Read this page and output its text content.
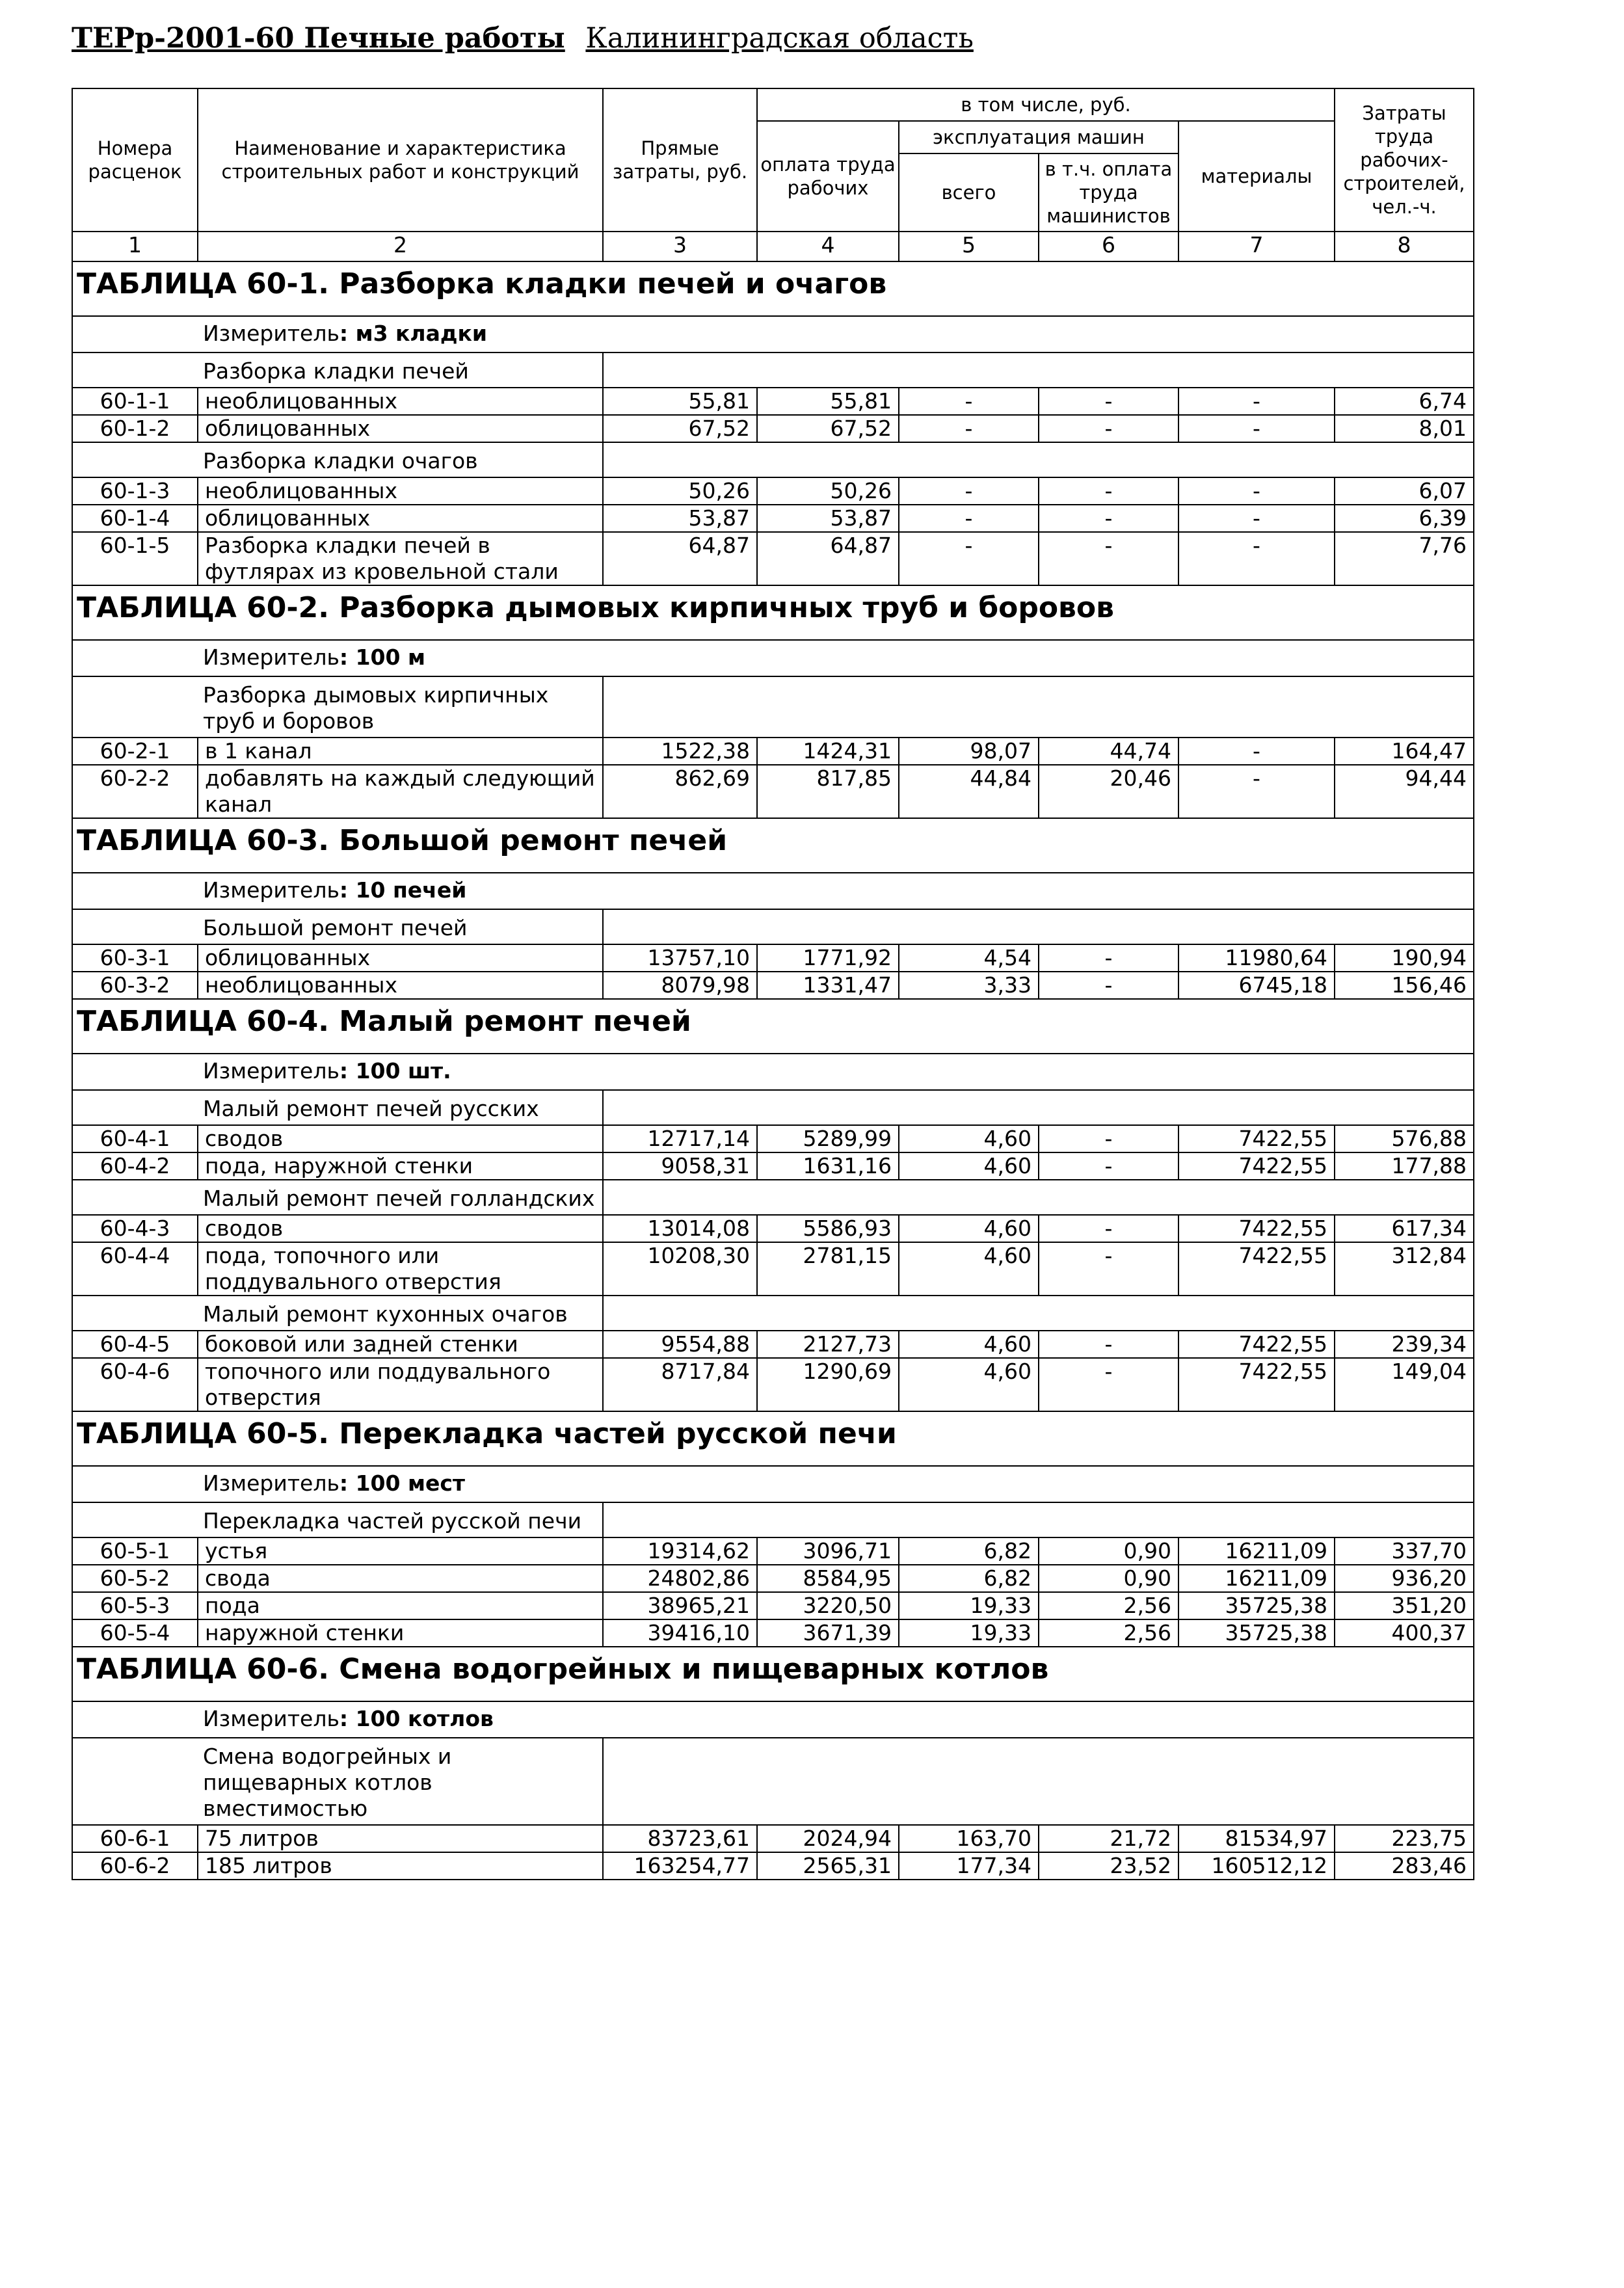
ТЕРр-2001-60 Печные работы Калининградская область
Номера расценок	Наименование и характеристика строительных работ и конструкций	Прямые затраты, руб.	в том числе, руб.				Затраты труда рабочих-строителей, чел.-ч.
			оплата труда рабочих	эксплуатация машин		материалы	
				всего	в т.ч. оплата труда машинистов		
1	2	3	4	5	6	7	8
ТАБЛИЦА 60-1. Разборка кладки печей и очагов							
	Измеритель: м3 кладки						
	Разборка кладки печей						
60-1-1	необлицованных	55,81	55,81	-	-	-	6,74
60-1-2	облицованных	67,52	67,52	-	-	-	8,01
	Разборка кладки очагов						
60-1-3	необлицованных	50,26	50,26	-	-	-	6,07
60-1-4	облицованных	53,87	53,87	-	-	-	6,39
60-1-5	Разборка кладки печей в футлярах из кровельной стали	64,87	64,87	-	-	-	7,76
ТАБЛИЦА 60-2. Разборка дымовых кирпичных труб и боровов							
	Измеритель: 100 м						
	Разборка дымовых кирпичных труб и боровов						
60-2-1	в 1 канал	1522,38	1424,31	98,07	44,74	-	164,47
60-2-2	добавлять на каждый следующий канал	862,69	817,85	44,84	20,46	-	94,44
ТАБЛИЦА 60-3. Большой ремонт печей							
	Измеритель: 10 печей						
	Большой ремонт печей						
60-3-1	облицованных	13757,10	1771,92	4,54	-	11980,64	190,94
60-3-2	необлицованных	8079,98	1331,47	3,33	-	6745,18	156,46
ТАБЛИЦА 60-4. Малый ремонт печей							
	Измеритель: 100 шт.						
	Малый ремонт печей русских						
60-4-1	сводов	12717,14	5289,99	4,60	-	7422,55	576,88
60-4-2	пода, наружной стенки	9058,31	1631,16	4,60	-	7422,55	177,88
	Малый ремонт печей голландских						
60-4-3	сводов	13014,08	5586,93	4,60	-	7422,55	617,34
60-4-4	пода, топочного или поддувального отверстия	10208,30	2781,15	4,60	-	7422,55	312,84
	Малый ремонт кухонных очагов						
60-4-5	боковой или задней стенки	9554,88	2127,73	4,60	-	7422,55	239,34
60-4-6	топочного или поддувального отверстия	8717,84	1290,69	4,60	-	7422,55	149,04
ТАБЛИЦА 60-5. Перекладка частей русской печи							
	Измеритель: 100 мест						
	Перекладка частей русской печи						
60-5-1	устья	19314,62	3096,71	6,82	0,90	16211,09	337,70
60-5-2	свода	24802,86	8584,95	6,82	0,90	16211,09	936,20
60-5-3	пода	38965,21	3220,50	19,33	2,56	35725,38	351,20
60-5-4	наружной стенки	39416,10	3671,39	19,33	2,56	35725,38	400,37
ТАБЛИЦА 60-6. Смена водогрейных и пищеварных котлов							
	Измеритель: 100 котлов						
	Смена водогрейных и пищеварных котлов вместимостью						
60-6-1	75 литров	83723,61	2024,94	163,70	21,72	81534,97	223,75
60-6-2	185 литров	163254,77	2565,31	177,34	23,52	160512,12	283,46
